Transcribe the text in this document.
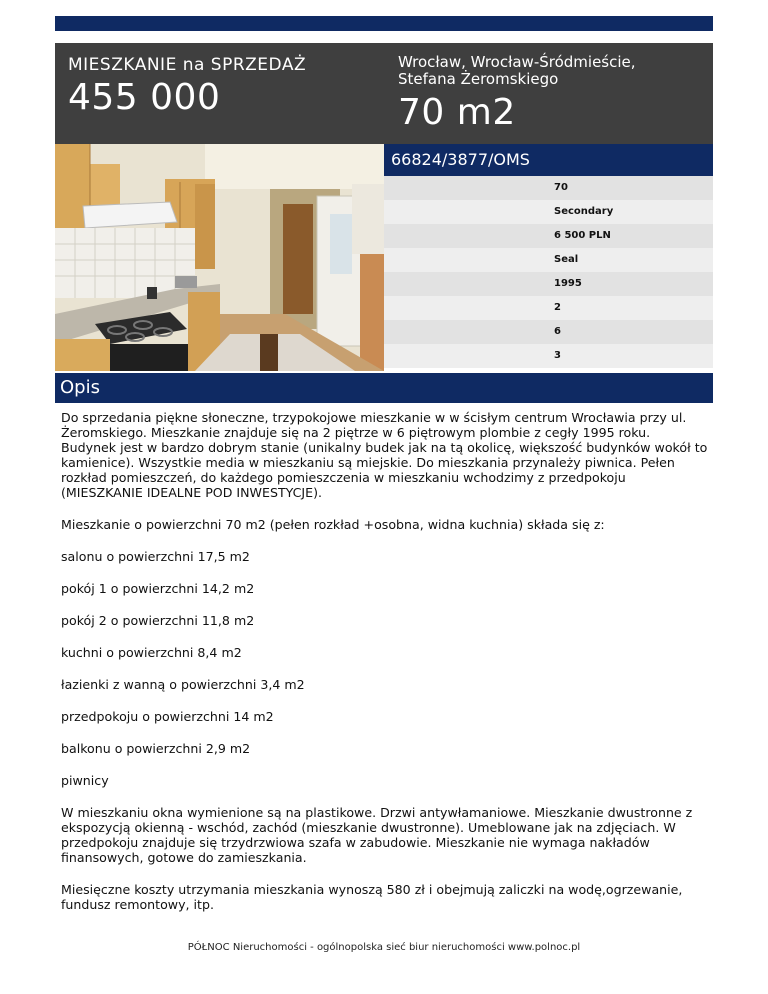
MIESZKANIE na SPRZEDAŻ
455 000
Wrocław, Wrocław-Śródmieście, Stefana Żeromskiego
70 m2
66824/3877/OMS
70
Secondary
6 500 PLN
Seal
1995
2
6
3
Opis

Do sprzedania piękne słoneczne, trzypokojowe mieszkanie w w ścisłym centrum Wrocławia przy ul. Żeromskiego. Mieszkanie znajduje się na 2 piętrze w 6 piętrowym plombie z cegły 1995 roku. Budynek jest w bardzo dobrym stanie (unikalny budek jak na tą okolicę, większość budynków wokół to kamienice). Wszystkie media w mieszkaniu są miejskie. Do mieszkania przynależy piwnica. Pełen rozkład pomieszczeń, do każdego pomieszczenia w mieszkaniu wchodzimy z przedpokoju (MIESZKANIE IDEALNE POD INWESTYCJE).

Mieszkanie o powierzchni 70 m2 (pełen rozkład +osobna, widna kuchnia) składa się z:

salonu o powierzchni 17,5 m2

pokój 1 o powierzchni 14,2 m2

pokój 2 o powierzchni 11,8 m2

kuchni o powierzchni 8,4 m2

łazienki z wanną o powierzchni 3,4 m2

przedpokoju o powierzchni 14 m2

balkonu o powierzchni 2,9 m2

piwnicy

W mieszkaniu okna wymienione są na plastikowe. Drzwi antywłamaniowe. Mieszkanie dwustronne z ekspozycją okienną - wschód, zachód (mieszkanie dwustronne). Umeblowane jak na zdjęciach. W przedpokoju znajduje się trzydrzwiowa szafa w zabudowie. Mieszkanie nie wymaga nakładów finansowych, gotowe do zamieszkania.

Miesięczne koszty utrzymania mieszkania wynoszą 580 zł i obejmują zaliczki na wodę,ogrzewanie, fundusz remontowy, itp.

PÓŁNOC Nieruchomości - ogólnopolska sieć biur nieruchomości www.polnoc.pl
